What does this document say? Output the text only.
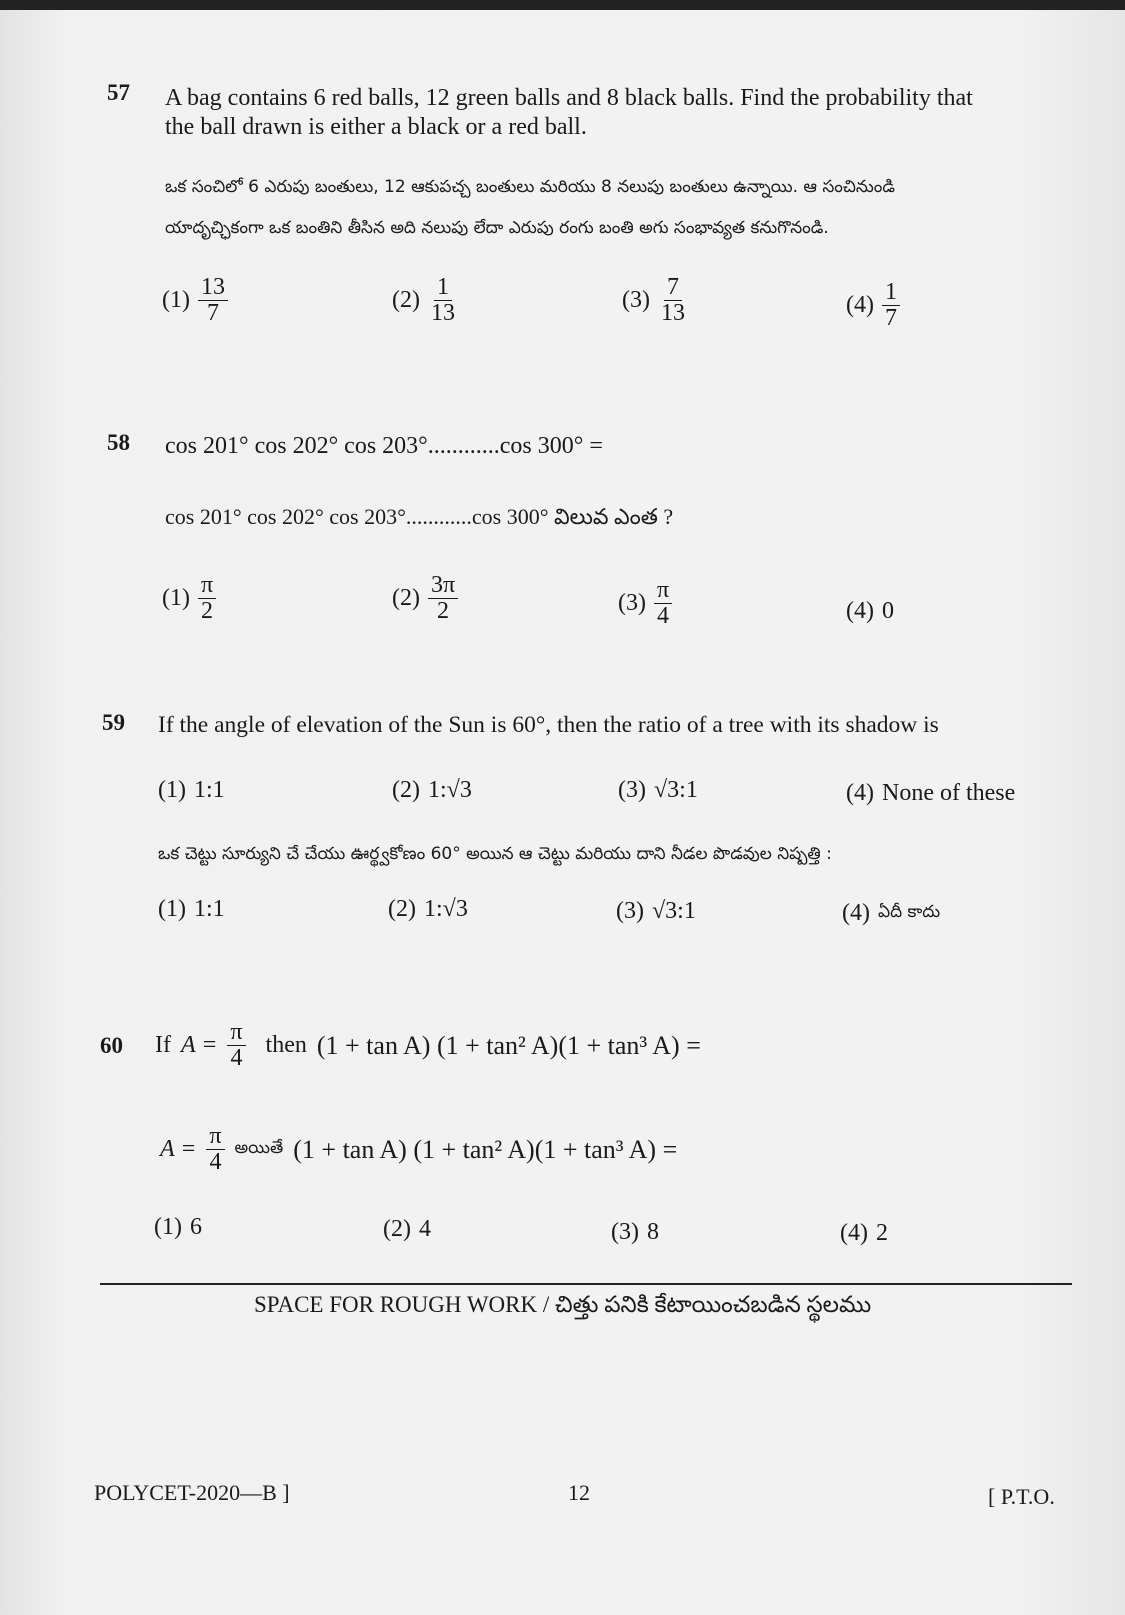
57 A bag contains 6 red balls, 12 green balls and 8 black balls. Find the probability that
the ball drawn is either a black or a red ball.
ఒక సంచిలో 6 ఎరుపు బంతులు, 12 ఆకుపచ్చ బంతులు మరియు 8 నలుపు బంతులు ఉన్నాయి. ఆ సంచినుండి
యాదృచ్ఛికంగా ఒక బంతిని తీసిన అది నలుపు లేదా ఎరుపు రంగు బంతి అగు సంభావ్యత కనుగొనండి.
$(1) \frac{13}{7}$	$(2) \frac{1}{13}$	$(3) \frac{7}{13}$	$(4) \frac{1}{7}$
58 cos 201° cos 202° cos 203°............cos 300° =
cos 201° cos 202° cos 203°............cos 300° విలువ ఎంత ?
$(1) \frac{\pi}{2}$	$(2) \frac{3\pi}{2}$	$(3) \frac{\pi}{4}$	(4) 0
59 If the angle of elevation of the Sun is 60°, then the ratio of a tree with its shadow is
(1) 1:1	(2) 1:√3	(3) √3:1	(4) None of these
ఒక చెట్టు సూర్యుని చే చేయు ఊర్థ్వకోణం 60° అయిన ఆ చెట్టు మరియు దాని నీడల పొడవుల నిష్పత్తి :
(1) 1:1	(2) 1:√3	(3) √3:1	(4) ఏదీ కాదు
60 If $A = \frac{\pi}{4}$ then (1 + tan A) (1 + tan² A)(1 + tan³ A) =
$A = \frac{\pi}{4}$ అయితే (1 + tan A) (1 + tan² A)(1 + tan³ A) =
(1) 6	(2) 4	(3) 8	(4) 2
SPACE FOR ROUGH WORK / చిత్తు పనికి కేటాయించబడిన స్థలము
POLYCET-2020—B ]	12	[ P.T.O.
